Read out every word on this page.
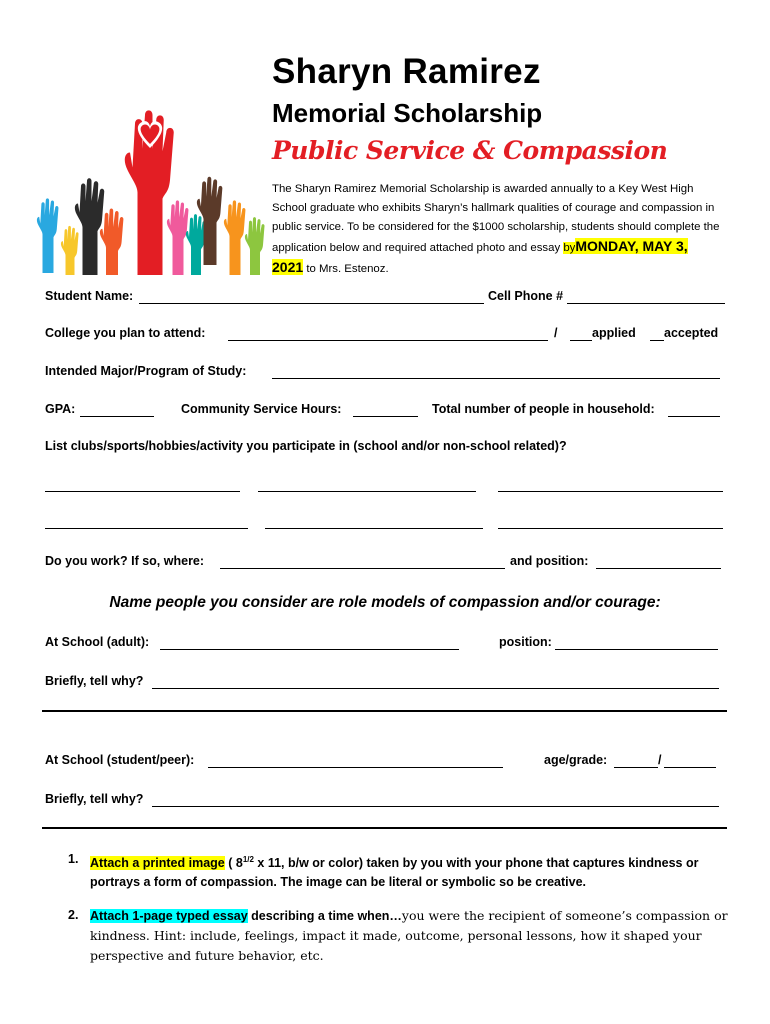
Sharyn Ramirez
Memorial Scholarship
Public Service & Compassion
The Sharyn Ramirez Memorial Scholarship is awarded annually to a Key West High School graduate who exhibits Sharyn’s hallmark qualities of courage and compassion in public service. To be considered for the $1000 scholarship, students should complete the application below and required attached photo and essay byMONDAY, MAY 3, 2021 to Mrs. Estenoz.
Student Name:	Cell Phone #
College you plan to attend:	/	applied accepted
Intended Major/Program of Study:
GPA:	Community Service Hours:	Total number of people in household:
List clubs/sports/hobbies/activity you participate in (school and/or non-school related)?
Do you work? If so, where:	and position:
Name people you consider are role models of compassion and/or courage:
At School (adult):	position:
Briefly, tell why?
At School (student/peer):	age/grade:	/
Briefly, tell why?
1. Attach a printed image ( $8^{1/2}$ x 11, b/w or color) taken by you with your phone that captures kindness or portrays a form of compassion. The image can be literal or symbolic so be creative.
2. Attach 1-page typed essay describing a time when…you were the recipient of someone’s compassion or kindness. Hint: include, feelings, impact it made, outcome, personal lessons, how it shaped your perspective and future behavior, etc.
